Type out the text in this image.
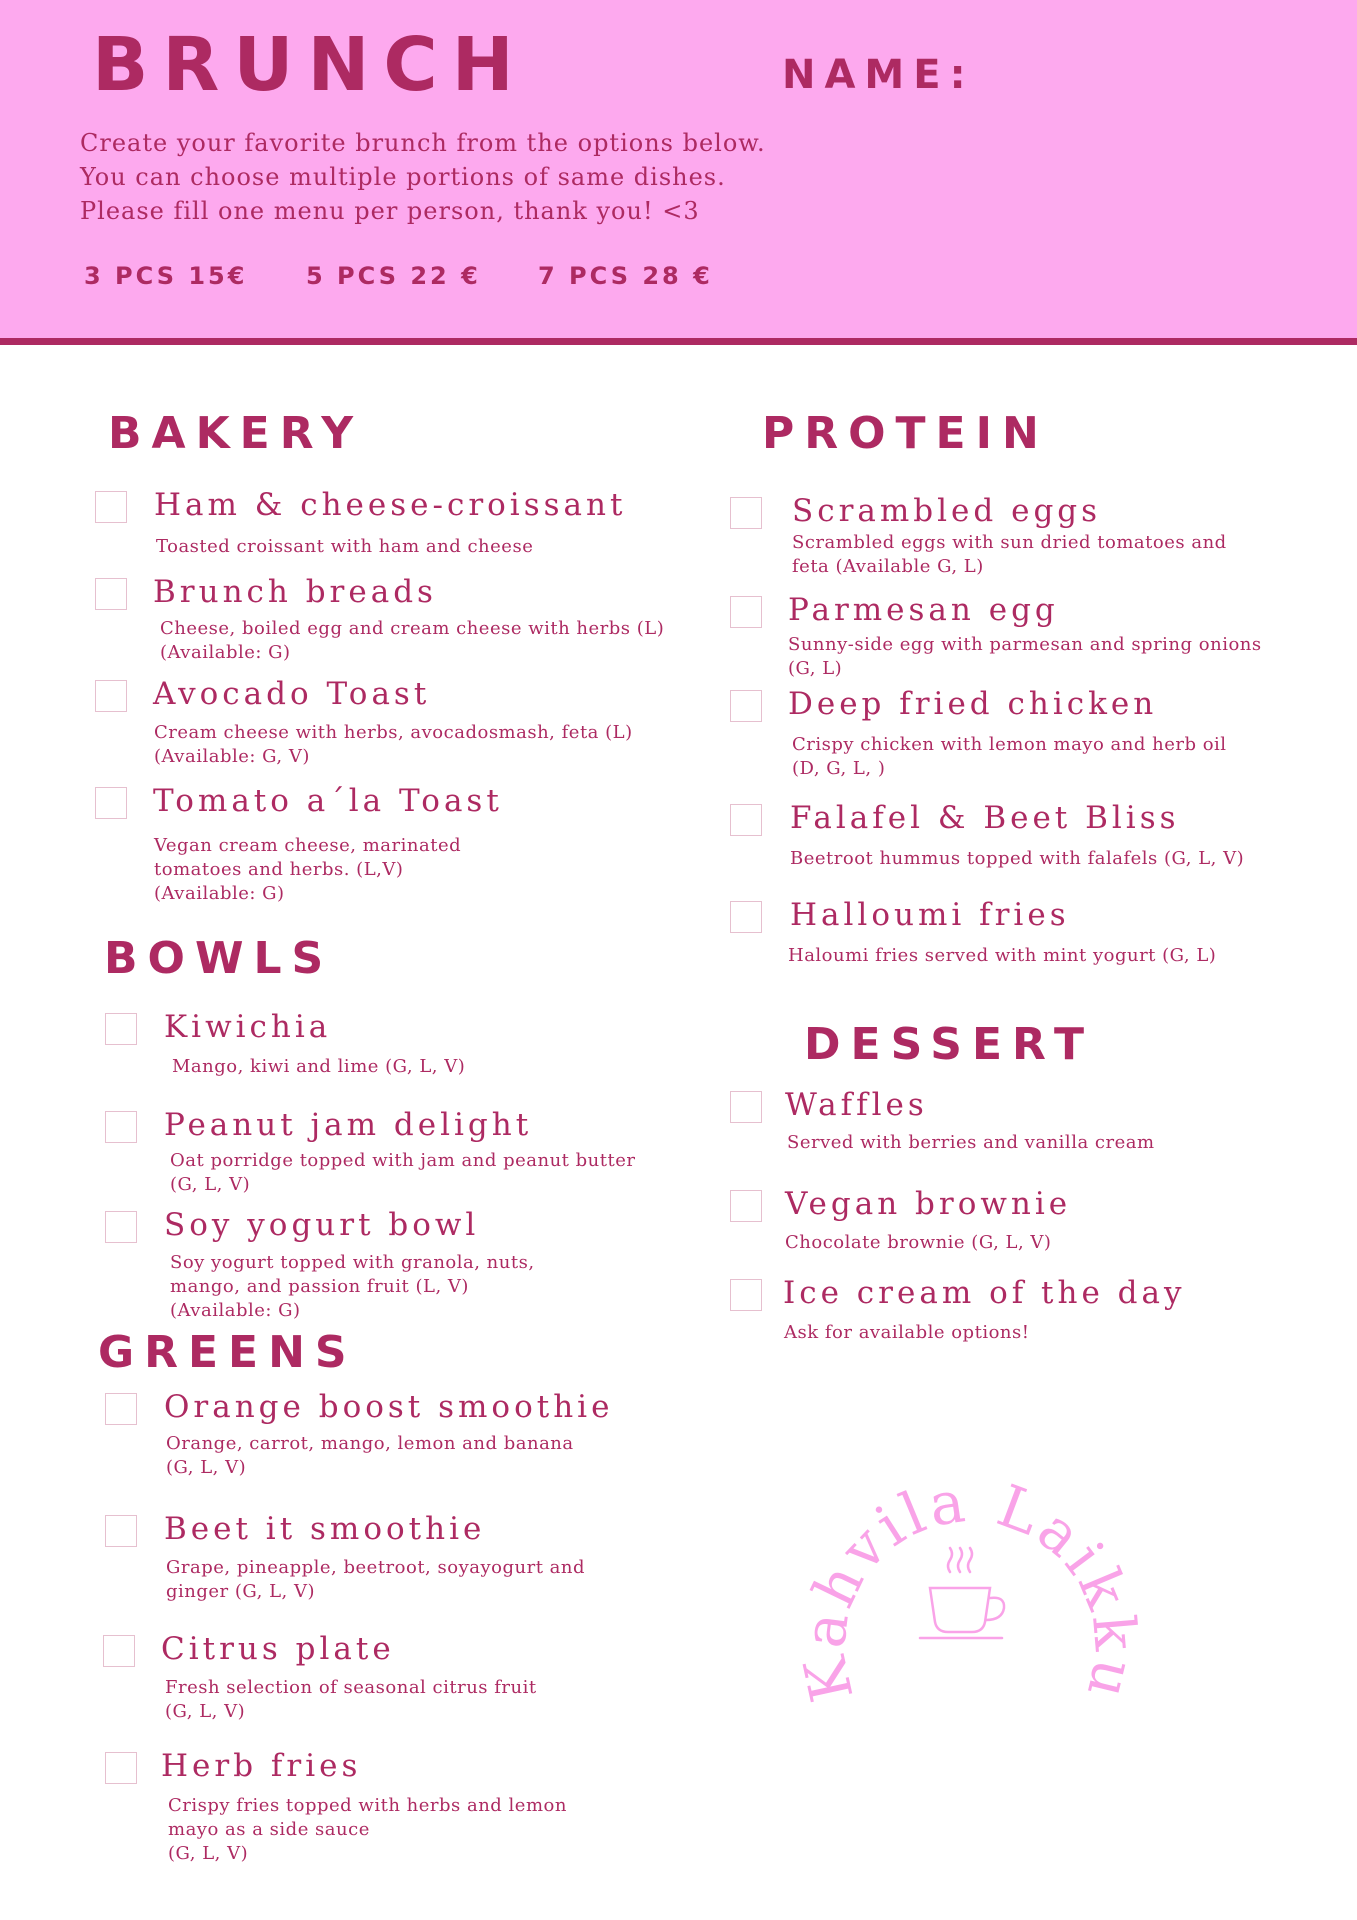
BRUNCH	NAME:
Create your favorite brunch from the options below.
You can choose multiple portions of same dishes.
Please fill one menu per person, thank you! <3
3 PCS 15€ 5 PCS 22 € 7 PCS 28 €
BAKERY
Ham & cheese-croissant
Toasted croissant with ham and cheese
Brunch breads
Cheese, boiled egg and cream cheese with herbs (L)
(Available: G)
Avocado Toast
Cream cheese with herbs, avocadosmash, feta (L)
(Available: G, V)
Tomato a´la Toast
Vegan cream cheese, marinated
tomatoes and herbs. (L,V)
(Available: G)
BOWLS
Kiwichia
Mango, kiwi and lime (G, L, V)
Peanut jam delight
Oat porridge topped with jam and peanut butter
(G, L, V)
Soy yogurt bowl
Soy yogurt topped with granola, nuts,
mango, and passion fruit (L, V)
(Available: G)
GREENS
Orange boost smoothie
Orange, carrot, mango, lemon and banana
(G, L, V)
Beet it smoothie
Grape, pineapple, beetroot, soyayogurt and
ginger (G, L, V)
Citrus plate
Fresh selection of seasonal citrus fruit
(G, L, V)
Herb fries
Crispy fries topped with herbs and lemon
mayo as a side sauce
(G, L, V)
PROTEIN
Scrambled eggs
Scrambled eggs with sun dried tomatoes and
feta (Available G, L)
Parmesan egg
Sunny-side egg with parmesan and spring onions
(G, L)
Deep fried chicken
Crispy chicken with lemon mayo and herb oil
(D, G, L, )
Falafel & Beet Bliss
Beetroot hummus topped with falafels (G, L, V)
Halloumi fries
Haloumi fries served with mint yogurt (G, L)
DESSERT
Waffles
Served with berries and vanilla cream
Vegan brownie
Chocolate brownie (G, L, V)
Ice cream of the day
Ask for available options!
Kahvila Laikku
